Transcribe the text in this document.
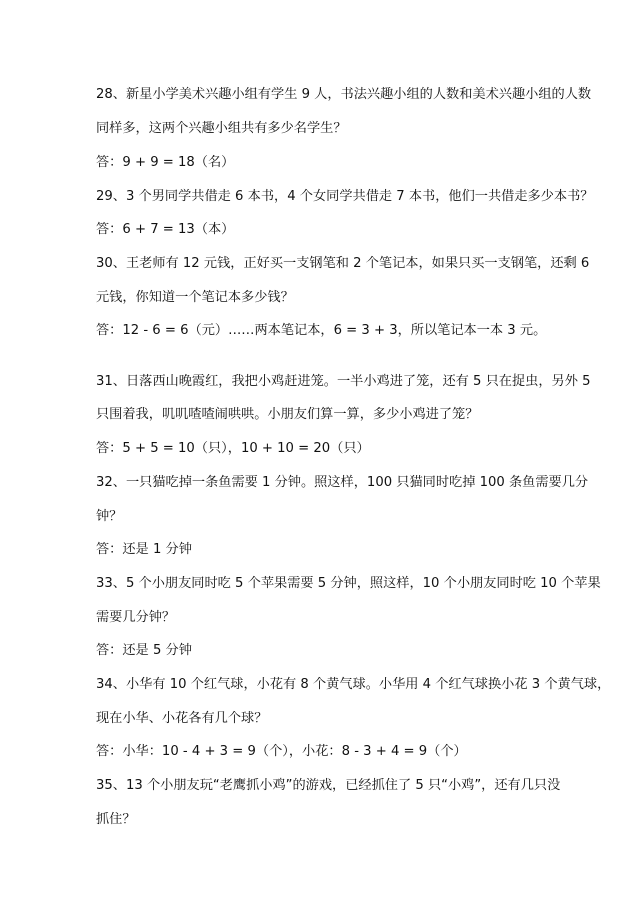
28、新星小学美术兴趣小组有学生 9 人，书法兴趣小组的人数和美术兴趣小组的人数
同样多，这两个兴趣小组共有多少名学生？
答：9 + 9 = 18（名）
29、3 个男同学共借走 6 本书，4 个女同学共借走 7 本书，他们一共借走多少本书？
答：6 + 7 = 13（本）
30、王老师有 12 元钱，正好买一支钢笔和 2 个笔记本，如果只买一支钢笔，还剩 6
元钱，你知道一个笔记本多少钱？
答：12 - 6 = 6（元）……两本笔记本，6 = 3 + 3，所以笔记本一本 3 元。
31、日落西山晚霞红，我把小鸡赶进笼。一半小鸡进了笼，还有 5 只在捉虫，另外 5
只围着我，叽叽喳喳闹哄哄。小朋友们算一算，多少小鸡进了笼？
答：5 + 5 = 10（只），10 + 10 = 20（只）
32、一只猫吃掉一条鱼需要 1 分钟。照这样，100 只猫同时吃掉 100 条鱼需要几分
钟？
答：还是 1 分钟
33、5 个小朋友同时吃 5 个苹果需要 5 分钟，照这样，10 个小朋友同时吃 10 个苹果
需要几分钟？
答：还是 5 分钟
34、小华有 10 个红气球，小花有 8 个黄气球。小华用 4 个红气球换小花 3 个黄气球，
现在小华、小花各有几个球？
答：小华：10 - 4 + 3 = 9（个），小花：8 - 3 + 4 = 9（个）
35、13 个小朋友玩“老鹰抓小鸡”的游戏，已经抓住了 5 只“小鸡”，还有几只没
抓住？
